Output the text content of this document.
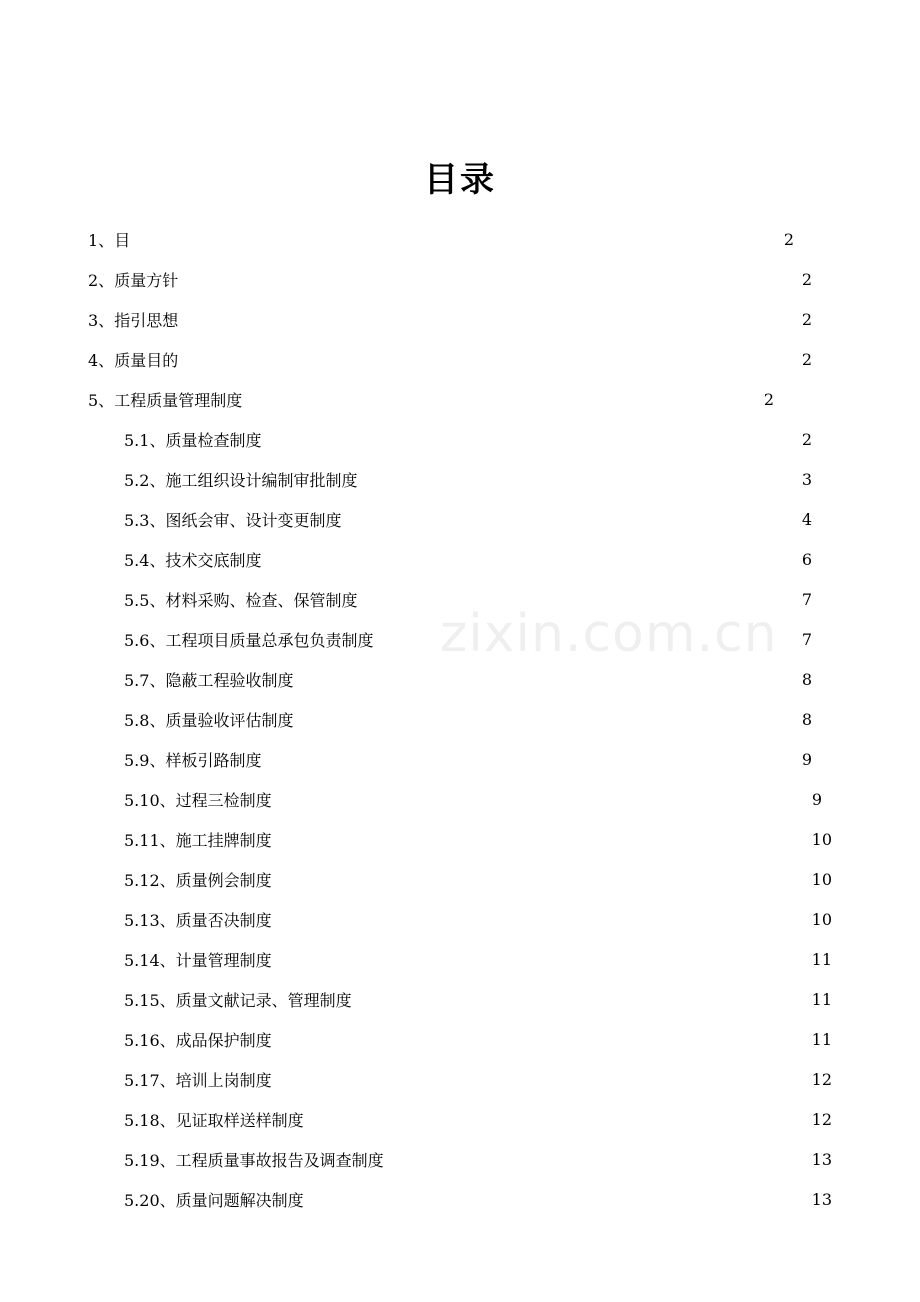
目录
1、 目	2
2、 质量方针	2
3、 指引思想	2
4、 质量目的	2
5、 工程质量管理制度	2
5.1、 质量检查制度	2
5.2、 施工组织设计编制审批制度	3
5.3、 图纸会审、设计变更制度	4
5.4、 技术交底制度	6
5.5、 材料采购、检查、保管制度	7
5.6、 工程项目质量总承包负责制度	7
5.7、 隐蔽工程验收制度	8
5.8、 质量验收评估制度	8
5.9、 样板引路制度	9
5.10、 过程三检制度	9
5.11、 施工挂牌制度	10
5.12、 质量例会制度	10
5.13、 质量否决制度	10
5.14、 计量管理制度	11
5.15、 质量文献记录、管理制度	11
5.16、 成品保护制度	11
5.17、 培训上岗制度	12
5.18、 见证取样送样制度	12
5.19、 工程质量事故报告及调查制度	13
5.20、 质量问题解决制度	13
